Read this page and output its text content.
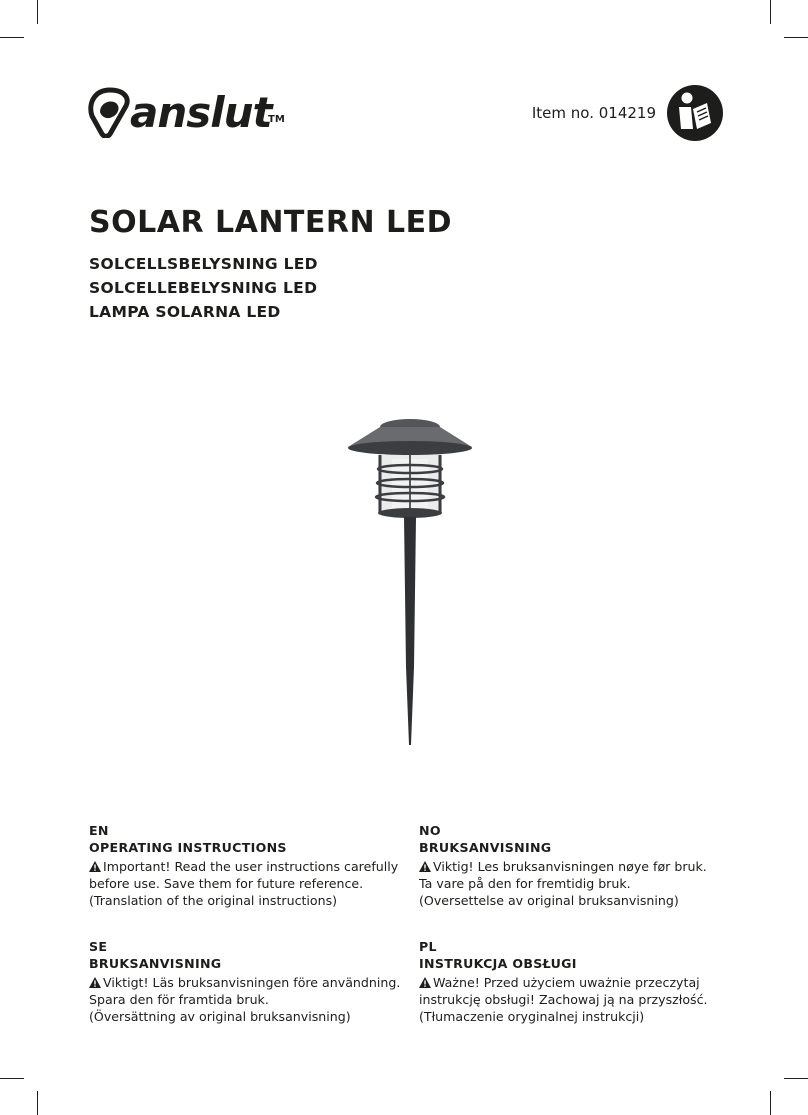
anslut
TM	Item no. 014219
SOLAR LANTERN LED

SOLCELLSBELYSNING LED

SOLCELLEBELYSNING LED

LAMPA SOLARNA LED

EN
OPERATING INSTRUCTIONS
Important! Read the user instructions carefully
before use. Save them for future reference.
(Translation of the original instructions)
NO
BRUKSANVISNING
Viktig! Les bruksanvisningen nøye før bruk.
Ta vare på den for fremtidig bruk.
(Oversettelse av original bruksanvisning)
SE
BRUKSANVISNING
Viktigt! Läs bruksanvisningen före användning.
Spara den för framtida bruk.
(Översättning av original bruksanvisning)
PL
INSTRUKCJA OBSŁUGI
Ważne! Przed użyciem uważnie przeczytaj
instrukcję obsługi! Zachowaj ją na przyszłość.
(Tłumaczenie oryginalnej instrukcji)
